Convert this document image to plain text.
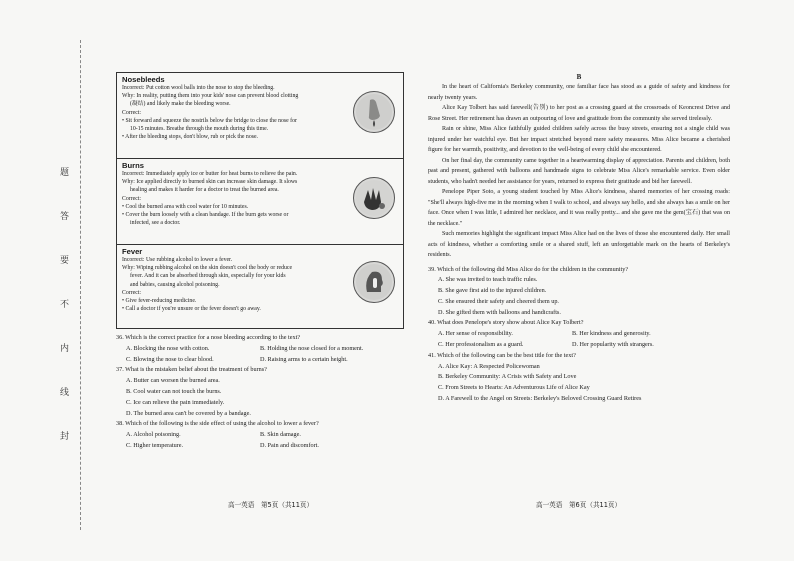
题
答
要
不
内
线
封
Nosebleeds
Incorrect: Put cotton wool balls into the nose to stop the bleeding.
Why: In reality, putting them into your kids' nose can prevent blood clotting
(凝结) and likely make the bleeding worse.
Correct:
• Sit forward and squeeze the nostrils below the bridge to close the nose for
10-15 minutes. Breathe through the mouth during this time.
• After the bleeding stops, don't blow, rub or pick the nose.
Burns
Incorrect: Immediately apply ice or butter for heat burns to relieve the pain.
Why: Ice applied directly to burned skin can increase skin damage. It slows
healing and makes it harder for a doctor to treat the burned area.
Correct:
• Cool the burned area with cool water for 10 minutes.
• Cover the burn loosely with a clean bandage. If the burn gets worse or
infected, see a doctor.
Fever
Incorrect: Use rubbing alcohol to lower a fever.
Why: Wiping rubbing alcohol on the skin doesn't cool the body or reduce
fever. And it can be absorbed through skin, especially for your kids
and babies, causing alcohol poisoning.
Correct:
• Give fever-reducing medicine.
• Call a doctor if you're unsure or the fever doesn't go away.
36. Which is the correct practice for a nose bleeding according to the text?
A. Blocking the nose with cotton.	B. Holding the nose closed for a moment.
C. Blowing the nose to clear blood.	D. Raising arms to a certain height.
37. What is the mistaken belief about the treatment of burns?
A. Butter can worsen the burned area.
B. Cool water can not touch the burns.
C. Ice can relieve the pain immediately.
D. The burned area can't be covered by a bandage.
38. Which of the following is the side effect of using the alcohol to lower a fever?
A. Alcohol poisoning.	B. Skin damage.
C. Higher temperature.	D. Pain and discomfort.
高一英语　第5页（共11页）
B
In the heart of California's Berkeley community, one familiar face has stood as a guide of safety and kindness for nearly twenty years.
Alice Kay Tolbert has said farewell(告别) to her post as a crossing guard at the crossroads of Keoncrest Drive and Rose Street. Her retirement has drawn an outpouring of love and gratitude from the community she served tirelessly.
Rain or shine, Miss Alice faithfully guided children safely across the busy streets, ensuring not a single child was injured under her watchful eye. But her impact stretched beyond mere safety measures. Miss Alice became a cherished figure for her warmth, positivity, and devotion to the well-being of every child she encountered.
On her final day, the community came together in a heartwarming display of appreciation. Parents and children, both past and present, gathered with balloons and handmade signs to celebrate Miss Alice's remarkable service. Even older students, who hadn't needed her assistance for years, returned to express their gratitude and bid her farewell.
Penelope Piper Soto, a young student touched by Miss Alice's kindness, shared memories of her crossing roads: "She'll always high-five me in the morning when I walk to school, and always say hello, and she always has a smile on her face. Once when I was little, I admired her necklace, and it was really pretty... and she gave me the gem(宝石) that was on the necklace."
Such memories highlight the significant impact Miss Alice had on the lives of those she encountered daily. Her small acts of kindness, whether a comforting smile or a shared stuff, left an unforgettable mark on the hearts of Berkeley's residents.
39. Which of the following did Miss Alice do for the children in the community?
A. She was invited to teach traffic rules.
B. She gave first aid to the injured children.
C. She ensured their safety and cheered them up.
D. She gifted them with balloons and handicrafts.
40. What does Penelope's story show about Alice Kay Tolbert?
A. Her sense of responsibility.	B. Her kindness and generosity.
C. Her professionalism as a guard.	D. Her popularity with strangers.
41. Which of the following can be the best title for the text?
A. Alice Kay: A Respected Policewoman
B. Berkeley Community: A Crisis with Safety and Love
C. From Streets to Hearts: An Adventurous Life of Alice Kay
D. A Farewell to the Angel on Streets: Berkeley's Beloved Crossing Guard Retires
高一英语　第6页（共11页）
